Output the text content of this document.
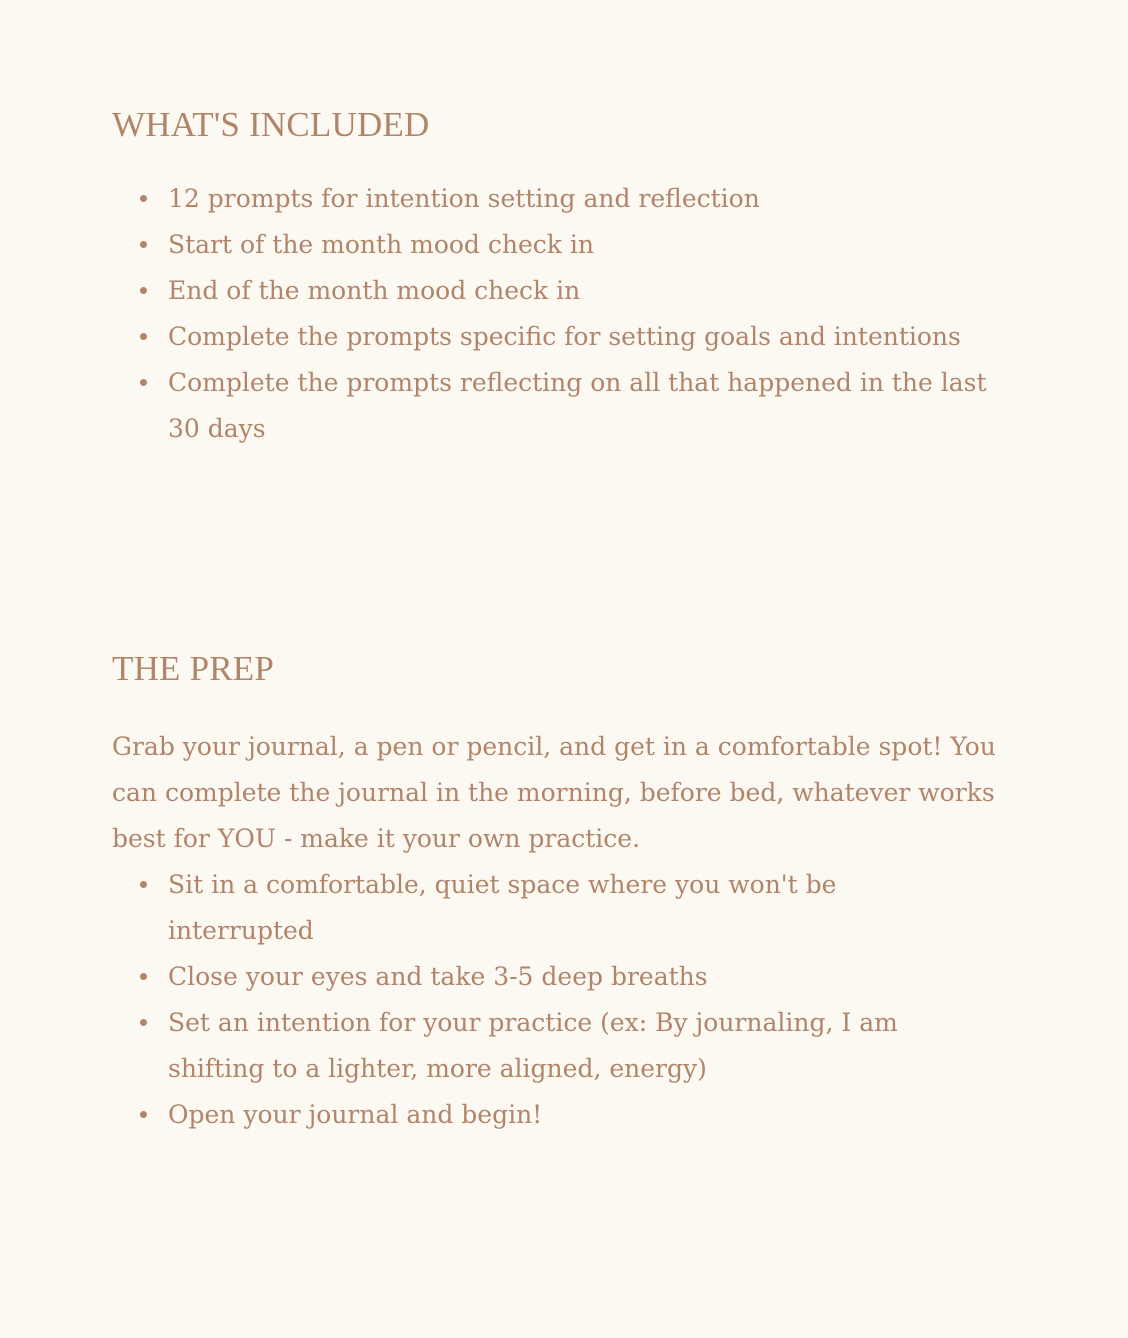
WHAT'S INCLUDED
12 prompts for intention setting and reflection
Start of the month mood check in
End of the month mood check in
Complete the prompts specific for setting goals and intentions
Complete the prompts reflecting on all that happened in the last 30 days
THE PREP

Grab your journal, a pen or pencil, and get in a comfortable spot! You can complete the journal in the morning, before bed, whatever works best for YOU - make it your own practice.

Sit in a comfortable, quiet space where you won't be interrupted
Close your eyes and take 3-5 deep breaths
Set an intention for your practice (ex: By journaling, I am shifting to a lighter, more aligned, energy)
Open your journal and begin!
